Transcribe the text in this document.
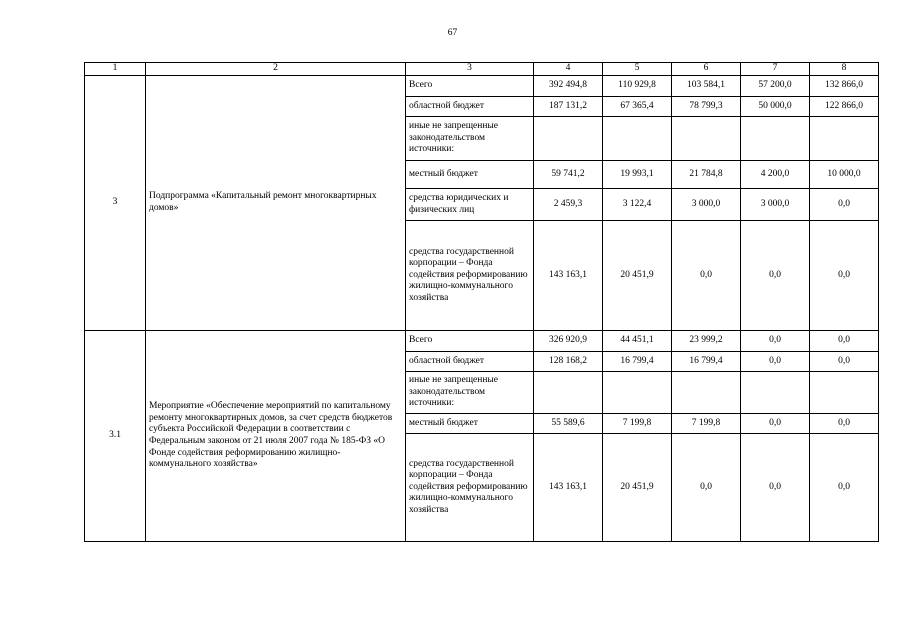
67
1	2	3	4	5	6	7	8
3	Подпрограмма «Капитальный ремонт многоквартирных домов»	Всего	392 494,8	110 929,8	103 584,1	57 200,0	132 866,0
		областной бюджет	187 131,2	67 365,4	78 799,3	50 000,0	122 866,0
		иные не запрещенные законодательством источники:					
		местный бюджет	59 741,2	19 993,1	21 784,8	4 200,0	10 000,0
		средства юридических и физических лиц	2 459,3	3 122,4	3 000,0	3 000,0	0,0
		средства государственной корпорации – Фонда содействия реформированию жилищно-коммунального хозяйства	143 163,1	20 451,9	0,0	0,0	0,0
3.1	Мероприятие «Обеспечение мероприятий по капитальному ремонту многоквартирных домов, за счет средств бюджетов субъекта Российской Федерации в соответствии с Федеральным законом от 21 июля 2007 года № 185-ФЗ «О Фонде содействия реформированию жилищно-коммунального хозяйства»	Всего	326 920,9	44 451,1	23 999,2	0,0	0,0
		областной бюджет	128 168,2	16 799,4	16 799,4	0,0	0,0
		иные не запрещенные законодательством источники:					
		местный бюджет	55 589,6	7 199,8	7 199,8	0,0	0,0
		средства государственной корпорации – Фонда содействия реформированию жилищно-коммунального хозяйства	143 163,1	20 451,9	0,0	0,0	0,0
